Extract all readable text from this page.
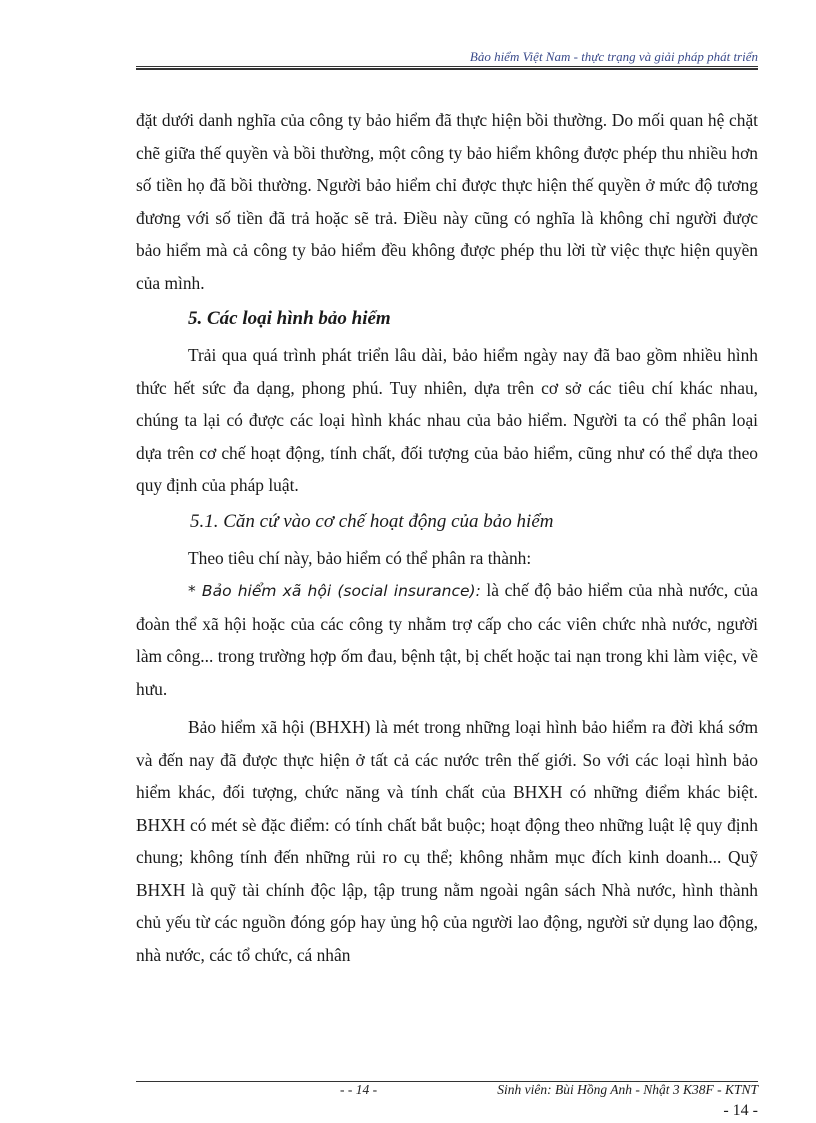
Bảo hiểm Việt Nam - thực trạng và giải pháp phát triển

đặt dưới danh nghĩa của công ty bảo hiểm đã thực hiện bồi thường. Do mối quan hệ chặt chẽ giữa thế quyền và bồi thường, một công ty bảo hiểm không được phép thu nhiều hơn số tiền họ đã bồi thường. Người bảo hiểm chỉ được thực hiện thế quyền ở mức độ tương đương với số tiền đã trả hoặc sẽ trả. Điều này cũng có nghĩa là không chỉ người được bảo hiểm mà cả công ty bảo hiểm đều không được phép thu lời từ việc thực hiện quyền của mình.

5. Các loại hình bảo hiểm

Trải qua quá trình phát triển lâu dài, bảo hiểm ngày nay đã bao gồm nhiều hình thức hết sức đa dạng, phong phú. Tuy nhiên, dựa trên cơ sở các tiêu chí khác nhau, chúng ta lại có được các loại hình khác nhau của bảo hiểm. Người ta có thể phân loại dựa trên cơ chế hoạt động, tính chất, đối tượng của bảo hiểm, cũng như có thể dựa theo quy định của pháp luật.

5.1. Căn cứ vào cơ chế hoạt động của bảo hiểm

Theo tiêu chí này, bảo hiểm có thể phân ra thành:

* Bảo hiểm xã hội (social insurance): là chế độ bảo hiểm của nhà nước, của đoàn thể xã hội hoặc của các công ty nhằm trợ cấp cho các viên chức nhà nước, người làm công... trong trường hợp ốm đau, bệnh tật, bị chết hoặc tai nạn trong khi làm việc, về hưu.

Bảo hiểm xã hội (BHXH) là mét trong những loại hình bảo hiểm ra đời khá sớm và đến nay đã được thực hiện ở tất cả các nước trên thế giới. So với các loại hình bảo hiểm khác, đối tượng, chức năng và tính chất của BHXH có những điểm khác biệt. BHXH có mét sè đặc điểm: có tính chất bắt buộc; hoạt động theo những luật lệ quy định chung; không tính đến những rủi ro cụ thể; không nhằm mục đích kinh doanh... Quỹ BHXH là quỹ tài chính độc lập, tập trung nằm ngoài ngân sách Nhà nước, hình thành chủ yếu từ các nguồn đóng góp hay ủng hộ của người lao động, người sử dụng lao động, nhà nước, các tổ chức, cá nhân

- - 14 -	Sinh viên: Bùi Hồng Anh - Nhật 3 K38F - KTNT
- 14 -
